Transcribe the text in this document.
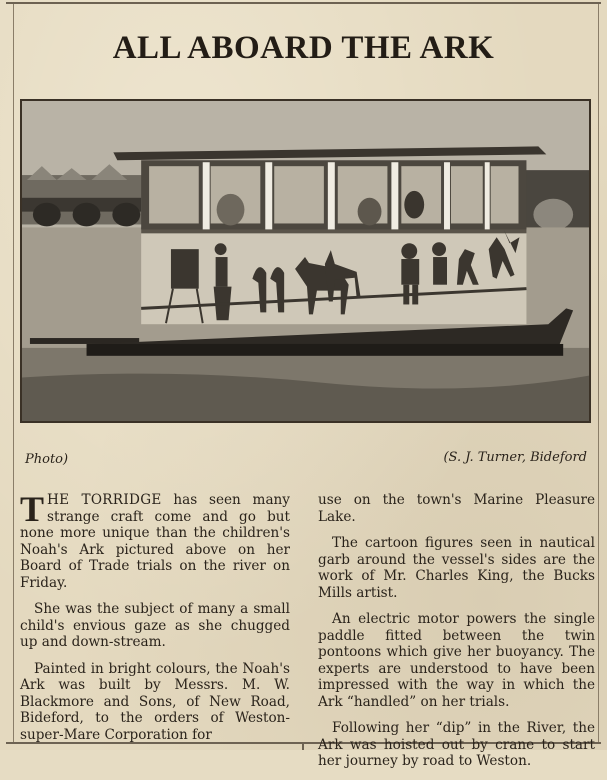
ALL ABOARD THE ARK
Photo)	(S. J. Turner, Bideford

THE TORRIDGE has seen many strange craft come and go but none more unique than the children's Noah's Ark pictured above on her Board of Trade trials on the river on Friday.

She was the subject of many a small child's envious gaze as she chugged up and down-stream.

Painted in bright colours, the Noah's Ark was built by Messrs. M. W. Blackmore and Sons, of New Road, Bideford, to the orders of Weston-super-Mare Corporation for

use on the town's Marine Pleasure Lake.

The cartoon figures seen in nautical garb around the vessel's sides are the work of Mr. Charles King, the Bucks Mills artist.

An electric motor powers the single paddle fitted between the twin pontoons which give her buoyancy. The experts are understood to have been impressed with the way in which the Ark “handled” on her trials.

Following her “dip” in the River, the Ark was hoisted out by crane to start her journey by road to Weston.
